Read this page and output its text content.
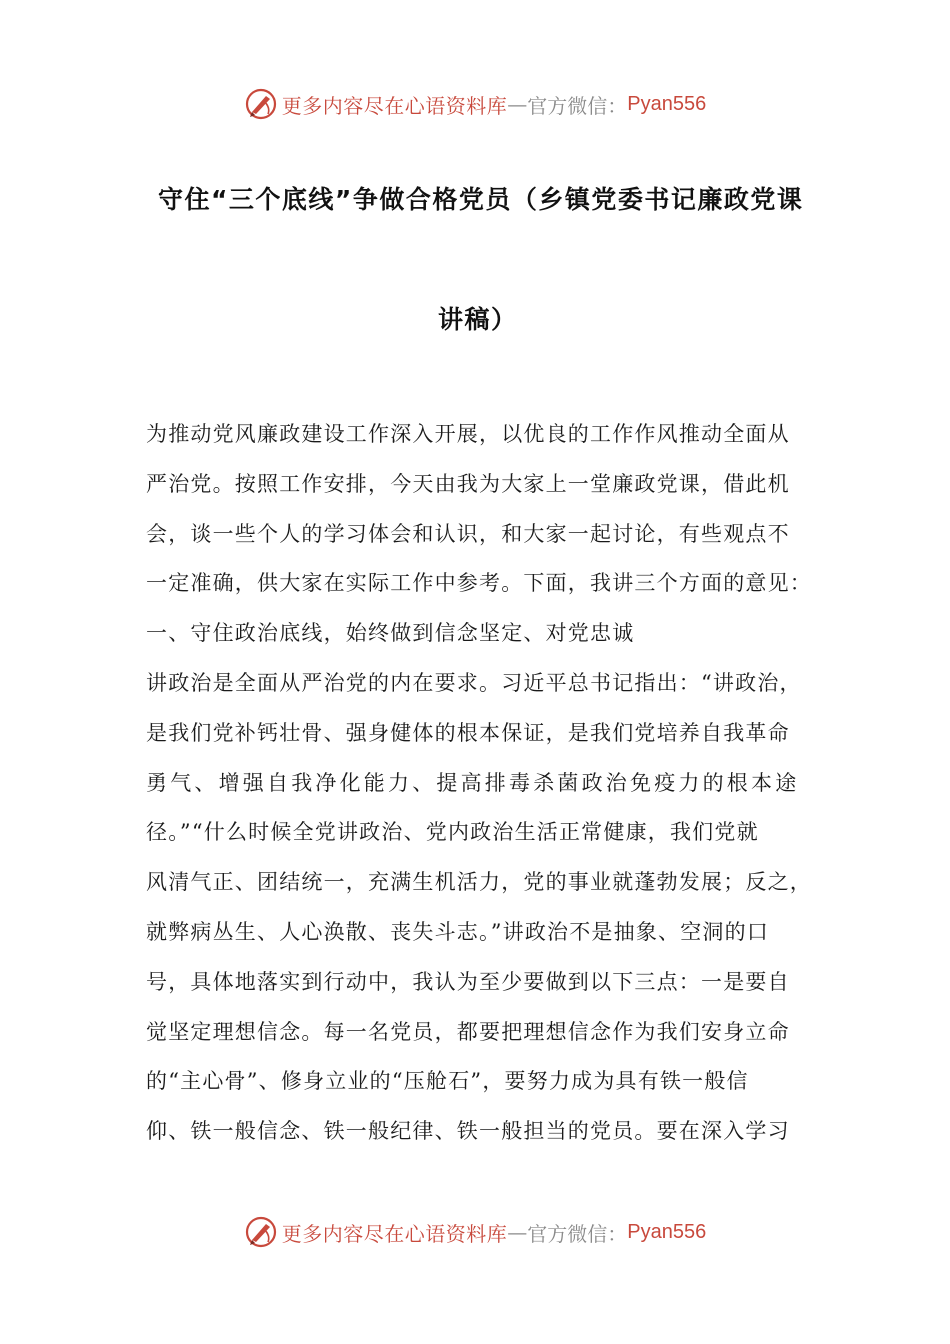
更多内容尽在心语资料库 — 官方微信： Pyan556
守住“三个底线”争做合格党员（乡镇党委书记廉政党课
讲稿）
为推动党风廉政建设工作深入开展，以优良的工作作风推动全面从
严治党。按照工作安排，今天由我为大家上一堂廉政党课，借此机
会，谈一些个人的学习体会和认识，和大家一起讨论，有些观点不
一定准确，供大家在实际工作中参考。下面，我讲三个方面的意见：
一、守住政治底线，始终做到信念坚定、对党忠诚
讲政治是全面从严治党的内在要求。习近平总书记指出：“讲政治，
是我们党补钙壮骨、强身健体的根本保证，是我们党培养自我革命
勇气、增强自我净化能力、提高排毒杀菌政治免疫力的根本途
径。”“什么时候全党讲政治、党内政治生活正常健康，我们党就
风清气正、团结统一，充满生机活力，党的事业就蓬勃发展；反之，
就弊病丛生、人心涣散、丧失斗志。”讲政治不是抽象、空洞的口
号，具体地落实到行动中，我认为至少要做到以下三点：一是要自
觉坚定理想信念。每一名党员，都要把理想信念作为我们安身立命
的“主心骨”、修身立业的“压舱石”，要努力成为具有铁一般信
仰、铁一般信念、铁一般纪律、铁一般担当的党员。要在深入学习
更多内容尽在心语资料库 — 官方微信： Pyan556
